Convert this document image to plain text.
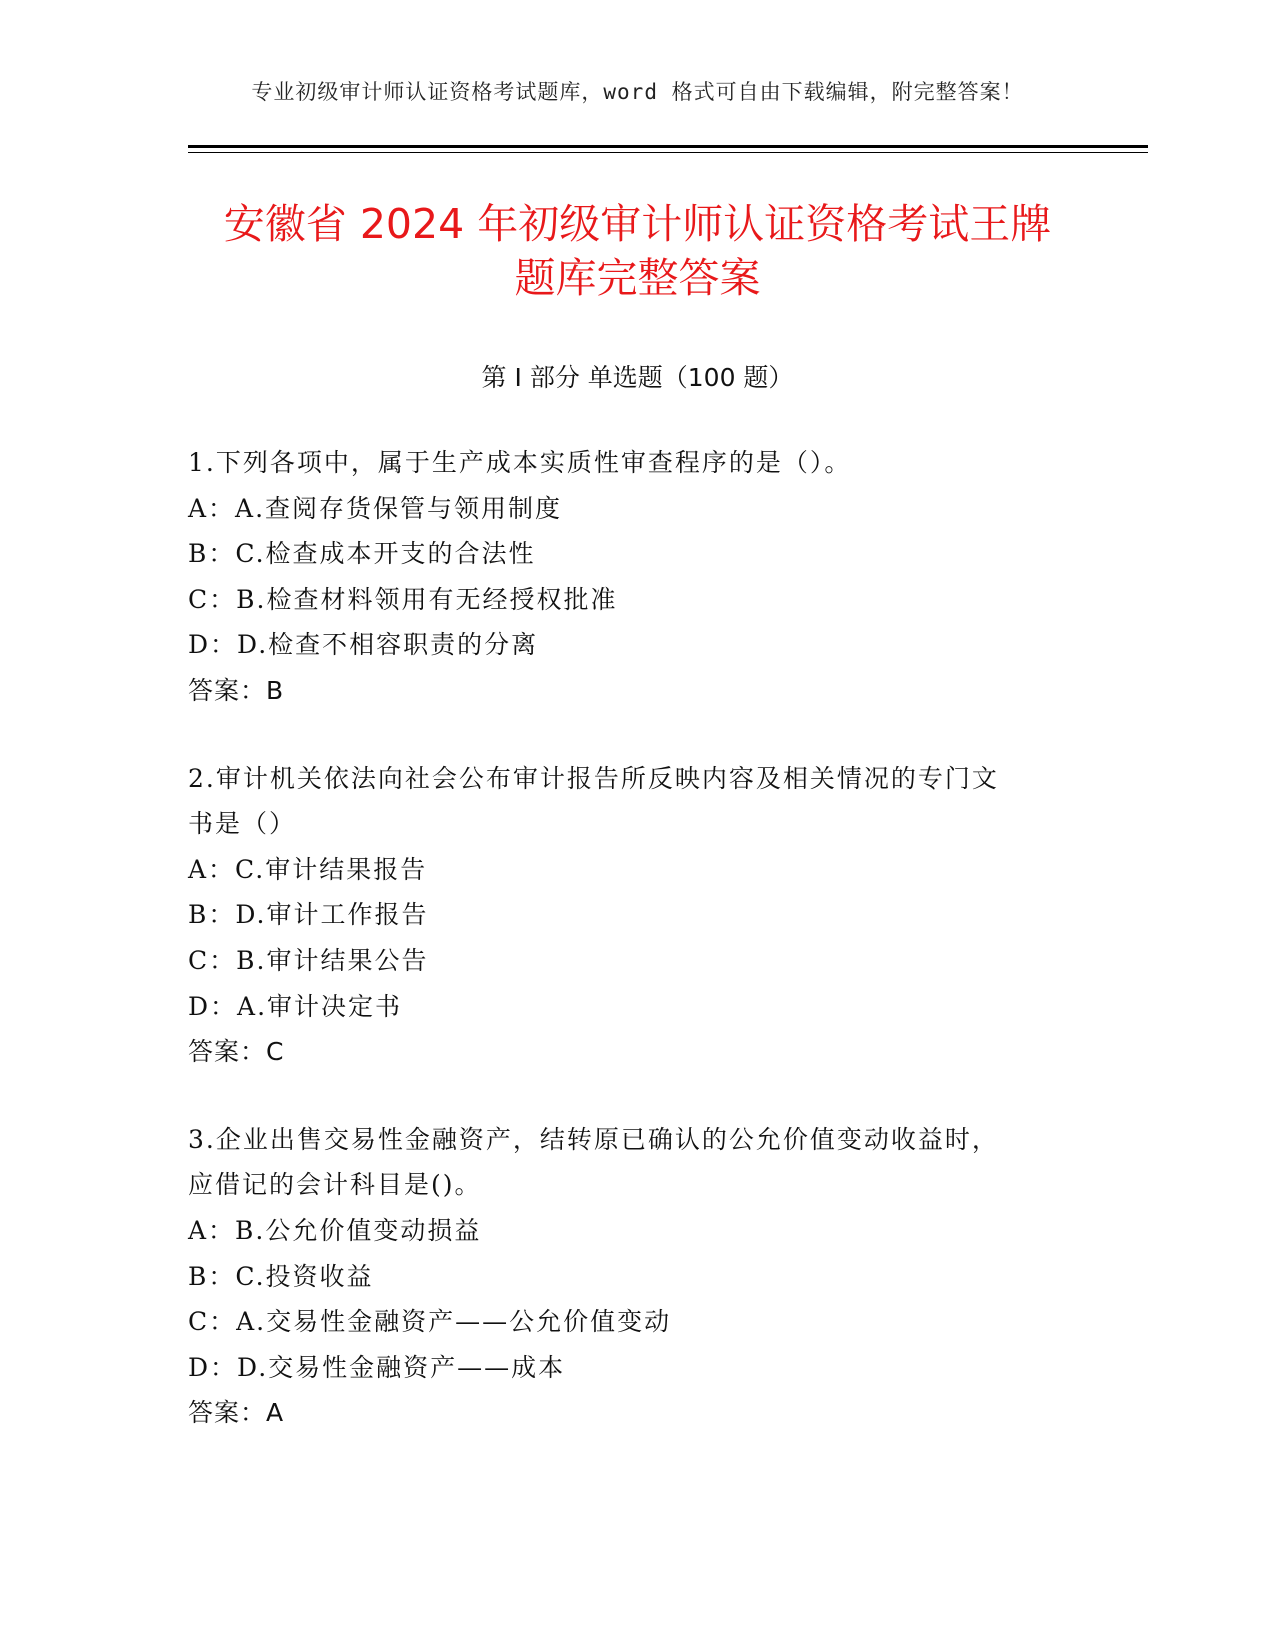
专业初级审计师认证资格考试题库，word 格式可自由下载编辑，附完整答案！
安徽省 2024 年初级审计师认证资格考试王牌
题库完整答案
第 I 部分 单选题（100 题）
1.下列各项中，属于生产成本实质性审查程序的是（）。
A：A.查阅存货保管与领用制度
B：C.检查成本开支的合法性
C：B.检查材料领用有无经授权批准
D：D.检查不相容职责的分离
答案：B
2.审计机关依法向社会公布审计报告所反映内容及相关情况的专门文
书是（）
A：C.审计结果报告
B：D.审计工作报告
C：B.审计结果公告
D：A.审计决定书
答案：C
3.企业出售交易性金融资产，结转原已确认的公允价值变动收益时，
应借记的会计科目是()。
A：B.公允价值变动损益
B：C.投资收益
C：A.交易性金融资产——公允价值变动
D：D.交易性金融资产——成本
答案：A
